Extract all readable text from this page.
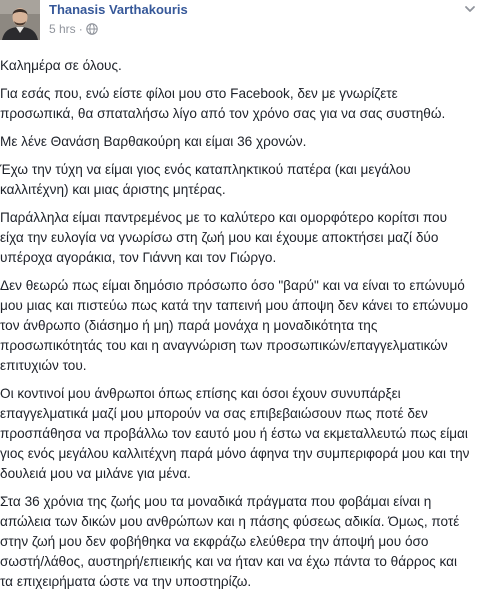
Thanasis Varthakouris
5 hrs ·

Καλημέρα σε όλους.

Για εσάς που, ενώ είστε φίλοι μου στο Facebook, δεν με γνωρίζετε προσωπικά, θα σπαταλήσω λίγο από τον χρόνο σας για να σας συστηθώ.

Με λένε Θανάση Βαρθακούρη και είμαι 36 χρονών.

Έχω την τύχη να είμαι γιος ενός καταπληκτικού πατέρα (και μεγάλου καλλιτέχνη) και μιας άριστης μητέρας.

Παράλληλα είμαι παντρεμένος με το καλύτερο και ομορφότερο κορίτσι που είχα την ευλογία να γνωρίσω στη ζωή μου και έχουμε αποκτήσει μαζί δύο υπέροχα αγοράκια, τον Γιάννη και τον Γιώργο.

Δεν θεωρώ πως είμαι δημόσιο πρόσωπο όσο "βαρύ" και να είναι το επώνυμό μου μιας και πιστεύω πως κατά την ταπεινή μου άποψη δεν κάνει το επώνυμο τον άνθρωπο (διάσημο ή μη) παρά μονάχα η μοναδικότητα της προσωπικότητάς του και η αναγνώριση των προσωπικών/επαγγελματικών επιτυχιών του.

Οι κοντινοί μου άνθρωποι όπως επίσης και όσοι έχουν συνυπάρξει επαγγελματικά μαζί μου μπορούν να σας επιβεβαιώσουν πως ποτέ δεν προσπάθησα να προβάλλω τον εαυτό μου ή έστω να εκμεταλλευτώ πως είμαι γιος ενός μεγάλου καλλιτέχνη παρά μόνο άφηνα την συμπεριφορά μου και την δουλειά μου να μιλάνε για μένα.

Στα 36 χρόνια της ζωής μου τα μοναδικά πράγματα που φοβάμαι είναι η απώλεια των δικών μου ανθρώπων και η πάσης φύσεως αδικία. Όμως, ποτέ στην ζωή μου δεν φοβήθηκα να εκφράζω ελεύθερα την άποψή μου όσο σωστή/λάθος, αυστηρή/επιεικής και να ήταν και να έχω πάντα το θάρρος και τα επιχειρήματα ώστε να την υποστηρίζω.
